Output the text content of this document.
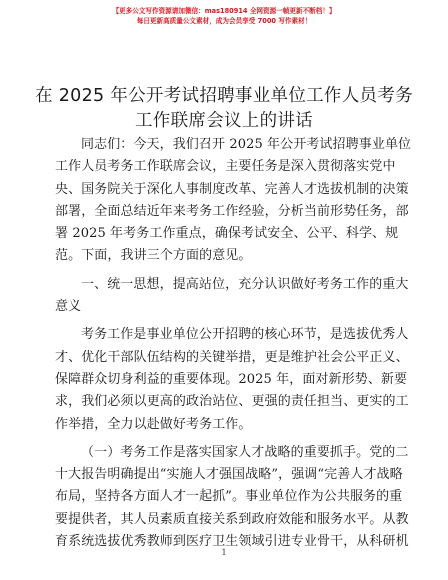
【更多公文写作资源请加微信：mas180914 全网资源一帧更新不断档！】
每日更新高质量公文素材，成为会员享受 7000 写作素材！
在 2025 年公开考试招聘事业单位工作人员考务
工作联席会议上的讲话
同志们：今天，我们召开 2025 年公开考试招聘事业单位
工作人员考务工作联席会议，主要任务是深入贯彻落实党中
央、国务院关于深化人事制度改革、完善人才选拔机制的决策
部署，全面总结近年来考务工作经验，分析当前形势任务，部
署 2025 年考务工作重点，确保考试安全、公平、科学、规
范。下面，我讲三个方面的意见。
一、统一思想，提高站位，充分认识做好考务工作的重大
意义
考务工作是事业单位公开招聘的核心环节，是选拔优秀人
才、优化干部队伍结构的关键举措，更是维护社会公平正义、
保障群众切身利益的重要体现。2025 年，面对新形势、新要
求，我们必须以更高的政治站位、更强的责任担当、更实的工
作举措，全力以赴做好考务工作。
（一）考务工作是落实国家人才战略的重要抓手。党的二
十大报告明确提出“实施人才强国战略”，强调“完善人才战略
布局，坚持各方面人才一起抓”。事业单位作为公共服务的重
要提供者，其人员素质直接关系到政府效能和服务水平。从教
育系统选拔优秀教师到医疗卫生领域引进专业骨干，从科研机
1
